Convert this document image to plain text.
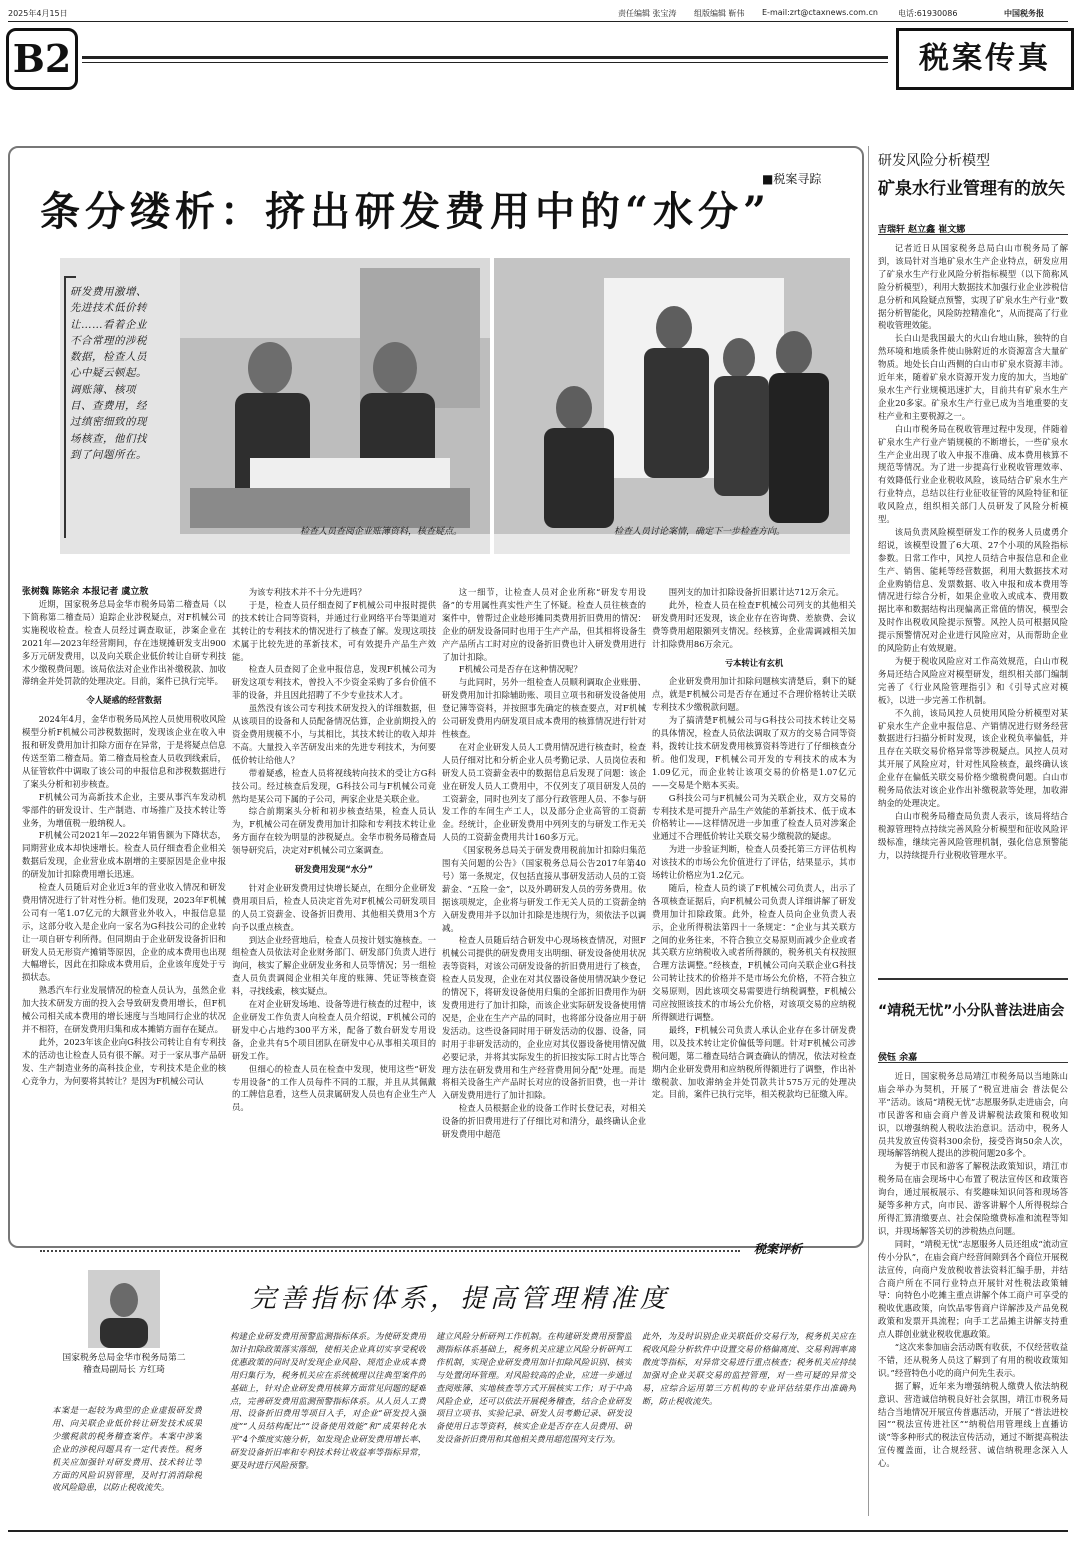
2025年4月15日	责任编辑 张宝涛 组版编辑 靳伟 E-mail:zrt@ctaxnews.com.cn	电话:61930086	中国税务报
B2	税案传真
■税案寻踪
条分缕析：挤出研发费用中的“水分”
检查人员查阅企业账簿资料，核查疑点。
研发费用激增、先进技术低价转让……看着企业不合常理的涉税数据，检查人员心中疑云顿起。调账簿、核项目、查费用，经过缜密细致的现场核查，他们找到了问题所在。
检查人员讨论案情，确定下一步检查方向。
张树魏 陈铭余 本报记者 虞立敖

近期，国家税务总局金华市税务局第二稽查局（以下简称第二稽查局）追踪企业涉税疑点，对F机械公司实施税收检查。检查人员经过调查取证，涉案企业在2021年—2023年经营期间，存在违规摊研发支出900多万元研发费用，以及向关联企业低价转让自研专利技术少缴税费问题。该局依法对企业作出补缴税款、加收滞纳金并处罚款的处理决定。目前，案件已执行完毕。

令人疑惑的经营数据

2024年4月，金华市税务局风控人员使用税收风险模型分析F机械公司涉税数据时，发现该企业在收入申报和研发费用加计扣除方面存在异常，于是将疑点信息传送至第二稽查局。第二稽查局检查人员收到线索后，从征管软件中调取了该公司的申报信息和涉税数据进行了案头分析和初步核查。

F机械公司为高新技术企业，主要从事汽车发动机零部件的研发设计、生产制造、市场推广及技术转让等业务，为增值税一般纳税人。

F机械公司2021年—2022年销售额为下降状态，同期营业成本却快速增长。检查人员仔细查看企业相关数据后发现，企业营业成本剧增的主要原因是企业申报的研发加计扣除费用增长迅速。

检查人员随后对企业近3年的营业收入情况和研发费用情况进行了针对性分析。他们发现，2023年F机械公司有一笔1.07亿元的大额营业外收入，申报信息显示，这部分收入是企业向一家名为G科技公司的企业转让一项自研专利所得。但同期由于企业研发设备折旧和研发人员无形资产摊销等原因，企业的成本费用也出现大幅增长，因此在扣除成本费用后，企业该年度处于亏损状态。

熟悉汽车行业发展情况的检查人员认为，虽然企业加大技术研发方面的投入会导致研发费用增长，但F机械公司相关成本费用的增长速度与当地同行企业的状况并不相符，在研发费用归集和成本摊销方面存在疑点。

此外，2023年该企业向G科技公司转让自有专利技术的活动也让检查人员有很不解。对于一家从事产品研发、生产制造业务的高科技企业，专利技术是企业的核心竞争力，为何要将其转让？是因为F机械公司认

为该专利技术并不十分先进吗？

于是，检查人员仔细查阅了F机械公司申报时提供的技术转让合同等资料，并通过行业网络平台等渠道对其转让的专利技术的情况进行了核查了解。发现这项技术属于比较先进的革新技术，可有效提升产品生产效能。

检查人员查阅了企业申报信息，发现F机械公司为研发这项专利技术，曾投入不少资金采购了多台价值不菲的设备，并且因此招聘了不少专业技术人才。

虽然没有该公司专利技术研发投入的详细数据，但从该项目的设备和人员配备情况估算，企业前期投入的资金费用规模不小，与其相比，其技术转让的收入却并不高。大量投入辛苦研发出来的先进专利技术，为何要低价转让给他人？

带着疑惑，检查人员将视线转向技术的受让方G科技公司。经过核查后发现，G科技公司与F机械公司竟然均是某公司下属的子公司，两家企业是关联企业。

综合前期案头分析和初步核查结果，检查人员认为，F机械公司在研发费用加计扣除和专利技术转让业务方面存在较为明显的涉税疑点。金华市税务局稽查局领导研究后，决定对F机械公司立案调查。

研发费用发现“水分”

针对企业研发费用过快增长疑点，在细分企业研发费用项目后，检查人员决定首先对F机械公司研发项目的人员工资薪金、设备折旧费用、其他相关费用3个方向予以重点核查。

到达企业经营地后，检查人员按计划实施核查。一组检查人员依法对企业财务部门、研发部门负责人进行询问，核实了解企业研发业务和人员等情况；另一组检查人员负责调阅企业相关年度的账簿、凭证等核查资料，寻找线索，核实疑点。

在对企业研发场地、设备等进行核查的过程中，该企业研发工作负责人向检查人员介绍说，F机械公司的研发中心占地约300平方米，配备了数台研发专用设备，企业共有5个项目团队在研发中心从事相关项目的研发工作。

但细心的检查人员在检查中发现，使用这些“研发专用设备”的工作人员每件不同的工服，并且从其佩戴的工牌信息看，这些人员隶属研发人员也有企业生产人员。

这一细节，让检查人员对企业所称“研发专用设备”的专用属性真实性产生了怀疑。检查人员往核查的案件中，曾帮过企业趁形摊同类费用折旧费用的情况：企业的研发设备同时也用于生产产品，但其相将设备生产产品所占工时对应的设备折旧费也计入研发费用进行了加计扣除。

F机械公司是否存在这种情况呢？

与此同时，另外一组检查人员顺利调取企业账册、研发费用加计扣除辅助账、项目立项书和研发设备使用登记簿等资料，并按照事先确定的核查要点，对F机械公司研发费用内研发项目成本费用的核算情况进行针对性核查。

在对企业研发人员人工费用情况进行核查时，检查人员仔细对比和分析企业人员考勤记录、人员岗位表和研发人员工资薪金表中的数据信息后发现了问题：该企业在研发人员人工费用中，不仅列支了项目研发人员的工资薪金，同时也列支了部分行政管理人员、不参与研发工作的车间生产工人，以及部分企业高管的工资薪金。经统计，企业研发费用中列列支的与研发工作无关人员的工资薪金费用共计160多万元。

《国家税务总局关于研发费用税前加计扣除归集范围有关问题的公告》（国家税务总局公告2017年第40号）第一条规定，仅包括直接从事研发活动人员的工资薪金、“五险一金”，以及外聘研发人员的劳务费用。依据该项规定，企业将与研发工作无关人员的工资薪金纳入研发费用并予以加计扣除是违规行为，须依法予以调减。

检查人员随后结合研发中心现场核查情况，对照F机械公司提供的研发费用支出明细、研发设备使用状况表等资料，对该公司研发设备的折旧费用进行了核查，检查人员发现，企业在对其仪器设备使用情况缺少登记的情况下，将研发设备使用归集的全部折旧费用作为研发费用进行了加计扣除，而该企业实际研发设备使用情况是，企业在生产产品的同时，也将部分设备应用于研发活动。这些设备同时用于研发活动的仪器、设备，同时用于非研发活动的，企业应对其仪器设备使用情况做必要记录，并将其实际发生的折旧按实际工时占比等合理方法在研发费用和生产经营费用间分配”处理。而是将相关设备生产产品时长对应的设备折旧费，也一并计入研发费用进行了加计扣除。

检查人员根据企业的设备工作时长登记表，对相关设备的折旧费用进行了仔细比对和清分，最终确认企业研发费用中超范

围列支的加计扣除设备折旧累计达712万余元。

此外，检查人员在检查F机械公司列支的其他相关研发费用时还发现，该企业存在咨询费、差旅费、会议费等费用超限额列支情况。经核算，企业需调减相关加计扣除费用86万余元。

亏本转让有玄机

企业研发费用加计扣除问题核实清楚后，剩下的疑点，就是F机械公司是否存在通过不合理价格转让关联专利技术少缴税款问题。

为了搞清楚F机械公司与G科技公司技术转让交易的具体情况，检查人员依法调取了双方的交易合同等资料，拨转让技术研发费用核算资料等进行了仔细核查分析。他们发现，F机械公司开发的专利技术的成本为1.09亿元，而企业转让该项交易的价格是1.07亿元——交易是个赔本买卖。

G科技公司与F机械公司为关联企业，双方交易的专利技术是可提升产品生产效能的革新技术、低于成本价格转让——这样情况进一步加重了检查人员对涉案企业通过不合理低价转让关联交易少缴税款的疑虑。

为进一步验证判断，检查人员委托第三方评估机构对该技术的市场公允价值进行了评估，结果显示，其市场转让价格应为1.2亿元。

随后，检查人员约谈了F机械公司负责人，出示了各项核查证据后，向F机械公司负责人详细讲解了研发费用加计扣除政策。此外，检查人员向企业负责人表示，企业所得税法第四十一条规定：“企业与其关联方之间的业务往来，不符合独立交易原则而减少企业或者其关联方应纳税收入或者所得额的，税务机关有权按照合理方法调整。”经核查，F机械公司向关联企业G科技公司转让技术的价格并不是市场公允价格，不符合独立交易原则，因此该项交易需要进行纳税调整，F机械公司应按照该技术的市场公允价格，对该项交易的应纳税所得额进行调整。

最终，F机械公司负责人承认企业存在多计研发费用，以及技术转让定价偏低等问题。针对F机械公司涉税问题，第二稽查局结合调查确认的情况，依法对检查期内企业研发费用和应纳税所得额进行了调整，作出补缴税款、加收滞纳金并处罚款共计575万元的处理决定。目前，案件已执行完毕，相关税款均已征缴入库。

税案评析
国家税务总局金华市税务局第二稽查局副局长 方红琦
完善指标体系，提高管理精准度
本案是一起较为典型的企业虚报研发费用、向关联企业低价转让研发技术成果少缴税款的税务稽查案件。本案中涉案企业的涉税问题具有一定代表性。税务机关应加强针对研发费用、技术转让等方面的风险识别管理，及时打消消除税收风险隐患，以防止税收流失。
构建企业研发费用预警监测指标体系。为使研发费用加计扣除政策落实落细，使相关企业真切实享受税收优惠政策的同时及时发现企业风险、规范企业成本费用归集行为，税务机关应在系统梳理以往典型案件的基础上，针对企业研发费用核算方面常见问题的疑难点，完善研发费用监测预警指标体系。从人员人工费用、设备折旧费用等项目入手，对企业“研发投入强度”“人员结构配比”“设备使用效能”和“成果转化水平”4个维度实施分析，如发现企业研发费用增长率、研发设备折旧率和专利技术转让收益率等指标异常，要及时进行风险预警。
建立风险分析研判工作机制。在构建研发费用预警监测指标体系基础上，税务机关应建立风险分析研判工作机制，实现企业研发费用加计扣除风险识别、核实与处置闭环管理。对风险较高的企业，应进一步通过查阅账簿、实地核查等方式开展核实工作；对于中高风险企业，还可以依法开展税务稽查，结合企业研发项目立项书、实验记录、研发人员考勤记录、研发设备使用日志等资料，核实企业是否存在人员费用、研发设备折旧费用和其他相关费用超范围列支行为。
此外，为及时识别企业关联低价交易行为，税务机关应在税收风险分析软件中设置交易价格偏离度、交易利润率离散度等指标，对异常交易进行重点核查；税务机关应持续加强对企业关联交易的监控管理，对一些可疑的异常交易，应综合运用第三方机构的专业评估结果作出准确判断，防止税收流失。
研发风险分析模型
矿泉水行业管理有的放矢
吉瑞轩 赵立鑫 崔文娜

记者近日从国家税务总局白山市税务局了解到，该局针对当地矿泉水生产企业特点，研发应用了矿泉水生产行业风险分析指标模型（以下简称风险分析模型），利用大数据技术加强行业企业涉税信息分析和风险疑点预警，实现了矿泉水生产行业“数据分析智能化，风险防控精准化”，从而提高了行业税收管理效能。

长白山是我国最大的火山台地山脉，独特的自然环境和地质条件使山脉附近的水资源富含大量矿物质。地处长白山西侧的白山市矿泉水资源丰沛。近年来，随着矿泉水资源开发力度的加大，当地矿泉水生产行业规模迅速扩大，目前共有矿泉水生产企业20多家。矿泉水生产行业已成为当地重要的支柱产业和主要税源之一。

白山市税务局在税收管理过程中发现，伴随着矿泉水生产行业产销规模的不断增长，一些矿泉水生产企业出现了收入申报不准确、成本费用核算不规范等情况。为了进一步提高行业税收管理效率、有效降低行业企业税收风险，该局结合矿泉水生产行业特点，总结以往行业征收征管的风险特征和征收风险点，组织相关部门人员研发了风险分析模型。

该局负责风险模型研发工作的税务人员虞勇介绍说，该模型设置了6大项、27个小项的风险指标参数。日常工作中，风控人员结合申报信息和企业生产、销售、能耗等经营数据，利用大数据技术对企业购销信息、发票数据、收入申报和成本费用等情况进行综合分析，如果企业收入或成本、费用数据比率和数据结构出现偏离正常值的情况，模型会及时作出税收风险提示预警。风控人员可根据风险提示预警情况对企业进行风险应对，从而帮助企业的风险防止有效规避。

为便于税收风险应对工作高效规范，白山市税务局还结合风险应对模型研发，组织相关部门编制完善了《行业风险管理指引》和《引导式应对模板》，以进一步完善工作机制。

不久前，该局风控人员使用风险分析模型对某矿泉水生产企业申报信息、产销情况进行财务经营数据进行扫描分析时发现，该企业税负率偏低，并且存在关联交易价格异常等涉税疑点。风控人员对其开展了风险应对，针对性风险核查，最终确认该企业存在偏低关联交易价格少缴税费问题。白山市税务局依法对该企业作出补缴税款等处理，加收滞纳金的处理决定。

白山市税务局稽查局负责人表示，该局将结合税源管理特点持续完善风险分析模型和征收风险评级标准，继续完善风险管理机制，强化信息预警能力，以持续提升行业税收管理水平。

“靖税无忧”小分队普法进庙会
侯钰 余嘉

近日，国家税务总局靖江市税务局以当地陈山庙会举办为契机，开展了“税宣进庙会 普法促公平”活动。该局“靖税无忧”志愿服务队走进庙会，向市民游客和庙会商户普及讲解税法政策和税收知识，以增强纳税人税收法治意识。活动中，税务人员共发放宣传资料300余份，接受咨询50余人次，现场解答纳税人提出的涉税问题20多个。

为便于市民和游客了解税法政策知识，靖江市税务局在庙会现场中心布置了税法宣传区和政策咨询台，通过展板展示、有奖趣味知识问答和现场答疑等多种方式，向市民、游客讲解个人所得税综合所得汇算清缴要点、社会保险缴费标准和流程等知识，并现场解答关切的涉税热点问题。

同时，“靖税无忧”志愿服务人员还组成“流动宣传小分队”，在庙会商户经营间隙到各个商位开展税法宣传，向商户发放税收普法资料汇编手册，并结合商户所在不同行业特点开展针对性税法政策辅导：向特色小吃摊主重点讲解个体工商户可享受的税收优惠政策，向饮品零售商户详解涉及产品免税政策和发票开具流程；向手工艺品摊主讲解支持重点人群创业就业税收优惠政策。

“这次来参加庙会活动既有收获，不仅经营收益不错，还从税务人员这了解到了有用的税收政策知识。”经营特色小吃的商户何先生表示。

据了解，近年来为增强纳税人缴费人依法纳税意识、营造诚信纳税良好社会氛围，靖江市税务局结合当地情况开展宣传普惠活动，开展了“普法进校园”“税法宣传进社区”“纳税信用管理线上直播访谈”等多种形式的税法宣传活动，通过不断提高税法宣传覆盖面，让合规经营、诚信纳税理念深入人心。
